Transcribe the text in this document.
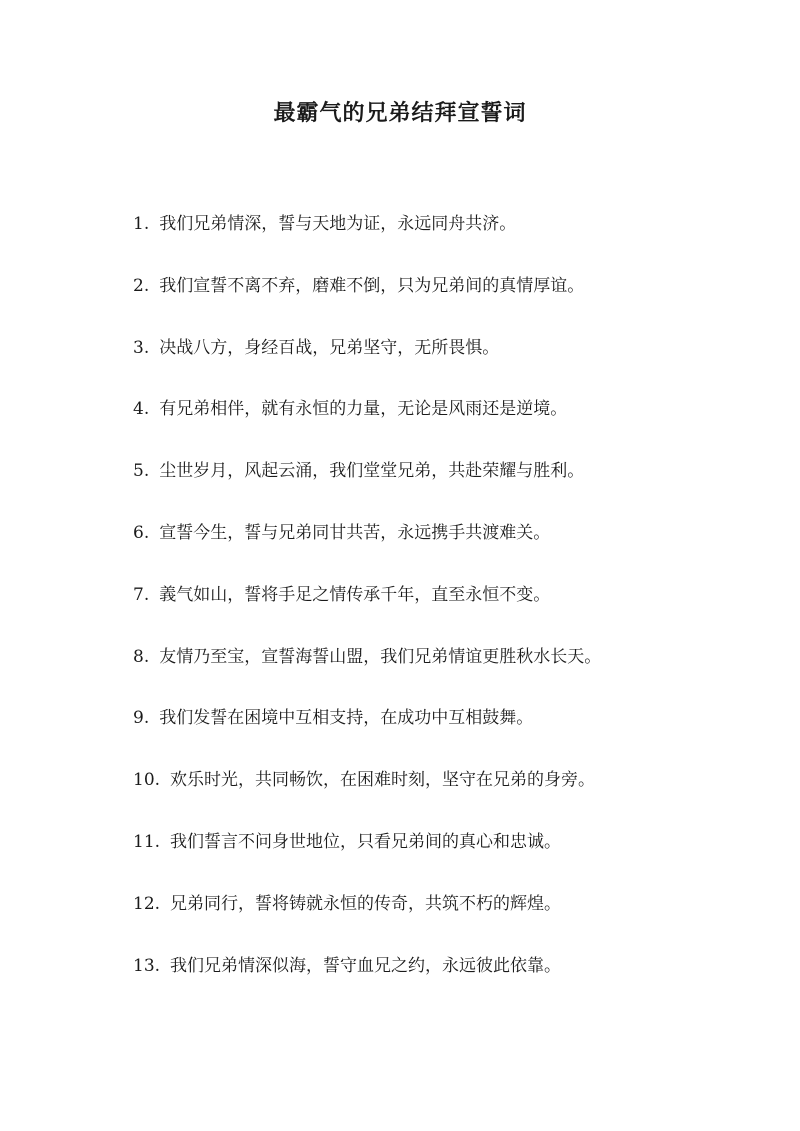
最霸气的兄弟结拜宣誓词
1. 我们兄弟情深，誓与天地为证，永远同舟共济。
2. 我们宣誓不离不弃，磨难不倒，只为兄弟间的真情厚谊。
3. 决战八方，身经百战，兄弟坚守，无所畏惧。
4. 有兄弟相伴，就有永恒的力量，无论是风雨还是逆境。
5. 尘世岁月，风起云涌，我们堂堂兄弟，共赴荣耀与胜利。
6. 宣誓今生，誓与兄弟同甘共苦，永远携手共渡难关。
7. 義气如山，誓将手足之情传承千年，直至永恒不变。
8. 友情乃至宝，宣誓海誓山盟，我们兄弟情谊更胜秋水长天。
9. 我们发誓在困境中互相支持，在成功中互相鼓舞。
10. 欢乐时光，共同畅饮，在困难时刻，坚守在兄弟的身旁。
11. 我们誓言不问身世地位，只看兄弟间的真心和忠诚。
12. 兄弟同行，誓将铸就永恒的传奇，共筑不朽的辉煌。
13. 我们兄弟情深似海，誓守血兄之约，永远彼此依靠。
